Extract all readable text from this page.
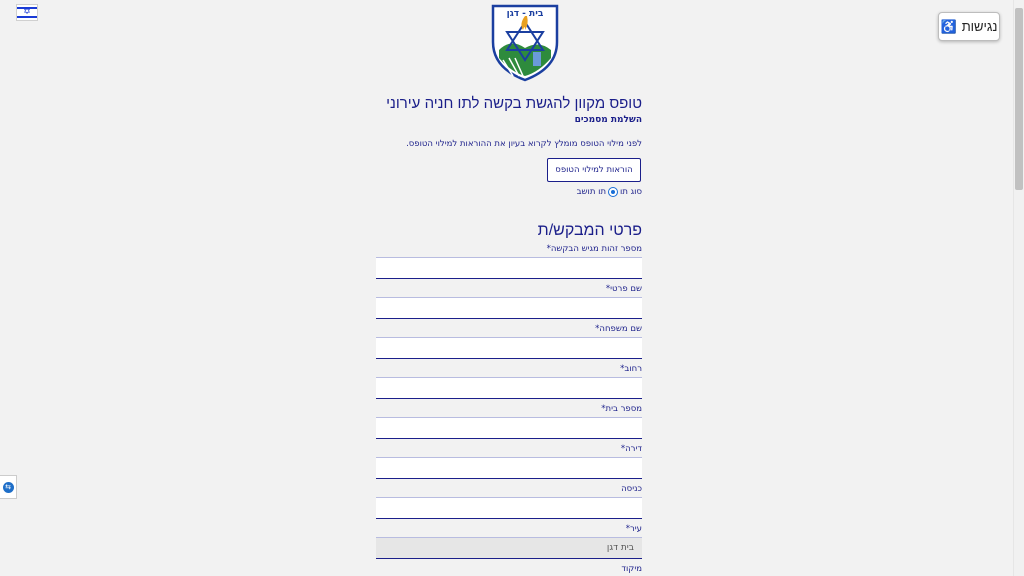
✡
נגישות
♿
⇆
בית - דגן
טופס מקוון להגשת בקשה לתו חניה עירוני
השלמת מסמכים
לפני מילוי הטופס מומלץ לקרוא בעיון את ההוראות למילוי הטופס.
הוראות למילוי הטופס
סוג תו
תו תושב
פרטי המבקש/ת
מספר זהות מגיש הבקשה*
שם פרטי*
שם משפחה*
רחוב*
מספר בית*
דירה*
כניסה
עיר*
בית דגן
מיקוד
